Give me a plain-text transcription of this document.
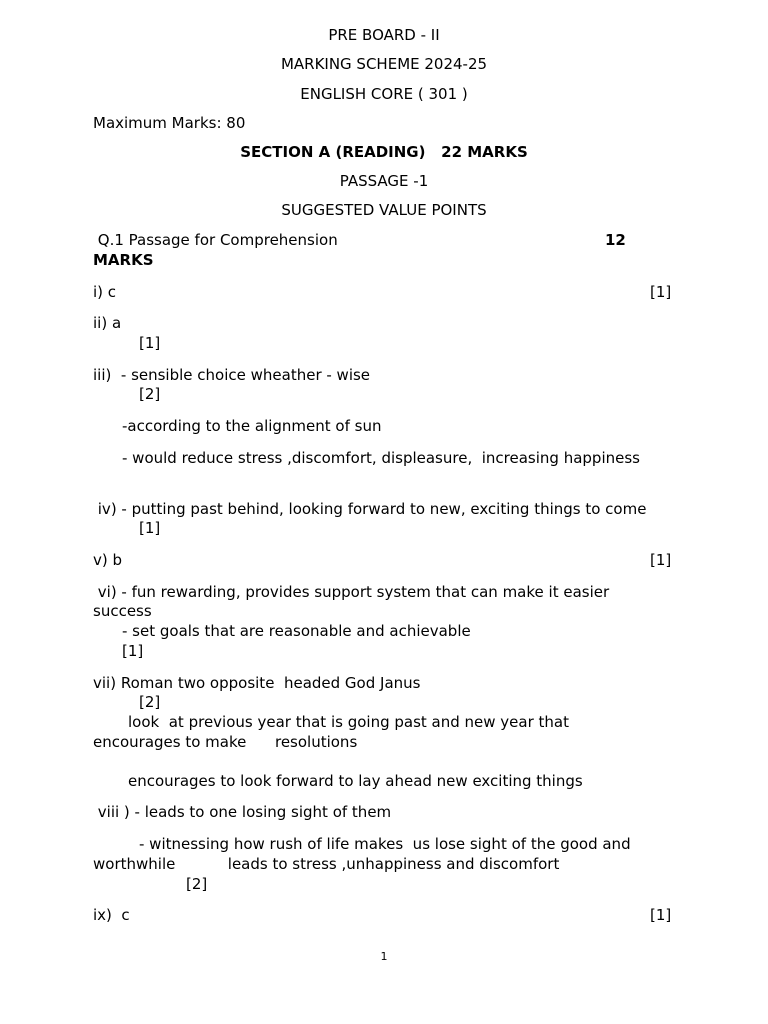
PRE BOARD - II
MARKING SCHEME 2024-25
ENGLISH CORE ( 301 )
Maximum Marks: 80
SECTION A (READING)   22 MARKS
PASSAGE -1
SUGGESTED VALUE POINTS
Q.1 Passage for Comprehension	12
MARKS
i) c	[1]
ii) a
[1]
iii)  - sensible choice wheather - wise
[2]
-according to the alignment of sun
- would reduce stress ,discomfort, displeasure,  increasing happiness
iv) - putting past behind, looking forward to new, exciting things to come
[1]
v) b	[1]
vi) - fun rewarding, provides support system that can make it easier
success
- set goals that are reasonable and achievable
[1]
vii) Roman two opposite  headed God Janus
[2]
look  at previous year that is going past and new year that
encourages to make      resolutions
encourages to look forward to lay ahead new exciting things
viii ) - leads to one losing sight of them
- witnessing how rush of life makes  us lose sight of the good and
worthwhile           leads to stress ,unhappiness and discomfort
[2]
ix)  c	[1]
1
